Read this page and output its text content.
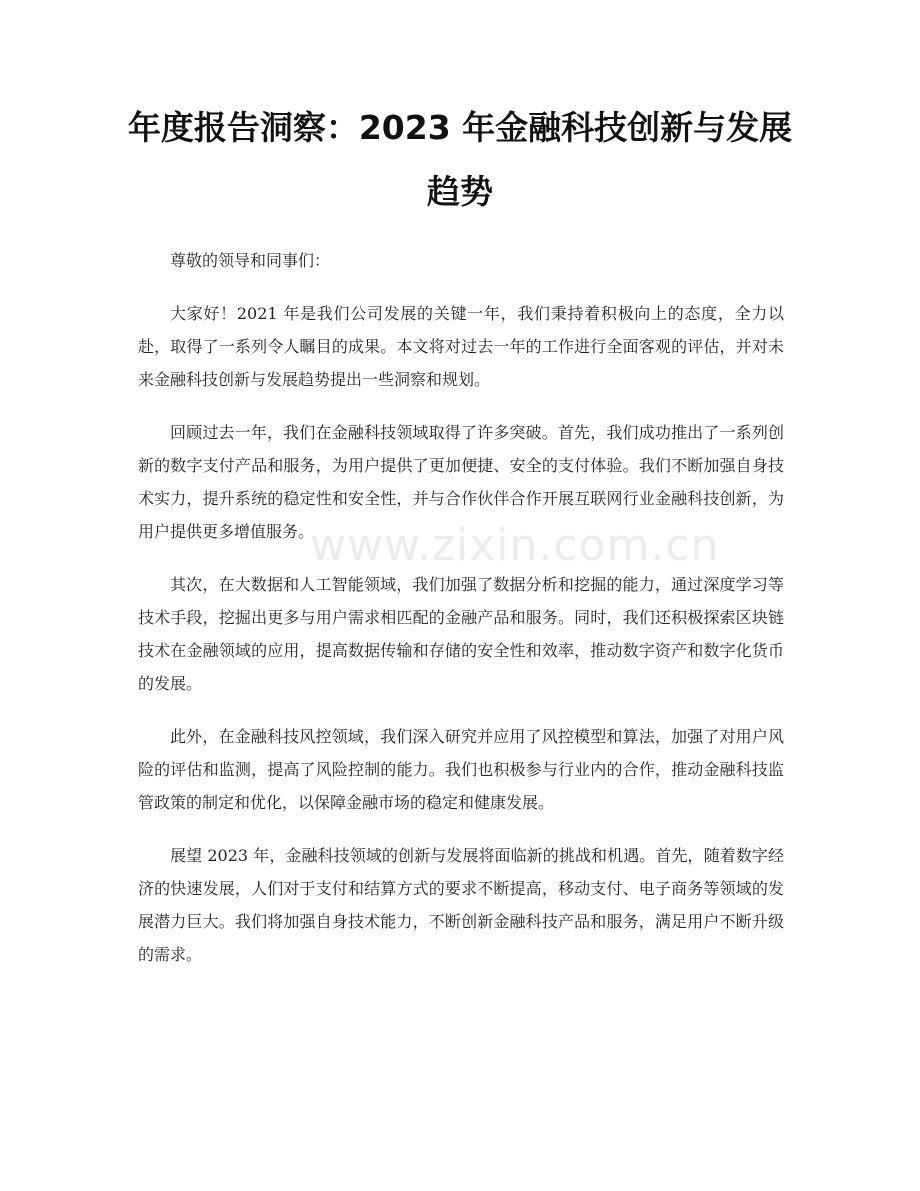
年度报告洞察：2023 年金融科技创新与发展趋势

尊敬的领导和同事们：

大家好！2021 年是我们公司发展的关键一年，我们秉持着积极向上的态度，全力以赴，取得了一系列令人瞩目的成果。本文将对过去一年的工作进行全面客观的评估，并对未来金融科技创新与发展趋势提出一些洞察和规划。

回顾过去一年，我们在金融科技领域取得了许多突破。首先，我们成功推出了一系列创新的数字支付产品和服务，为用户提供了更加便捷、安全的支付体验。我们不断加强自身技术实力，提升系统的稳定性和安全性，并与合作伙伴合作开展互联网行业金融科技创新，为用户提供更多增值服务。

其次，在大数据和人工智能领域，我们加强了数据分析和挖掘的能力，通过深度学习等技术手段，挖掘出更多与用户需求相匹配的金融产品和服务。同时，我们还积极探索区块链技术在金融领域的应用，提高数据传输和存储的安全性和效率，推动数字资产和数字化货币的发展。

此外，在金融科技风控领域，我们深入研究并应用了风控模型和算法，加强了对用户风险的评估和监测，提高了风险控制的能力。我们也积极参与行业内的合作，推动金融科技监管政策的制定和优化，以保障金融市场的稳定和健康发展。

展望 2023 年，金融科技领域的创新与发展将面临新的挑战和机遇。首先，随着数字经济的快速发展，人们对于支付和结算方式的要求不断提高，移动支付、电子商务等领域的发展潜力巨大。我们将加强自身技术能力，不断创新金融科技产品和服务，满足用户不断升级的需求。

www.zixin.com.cn
